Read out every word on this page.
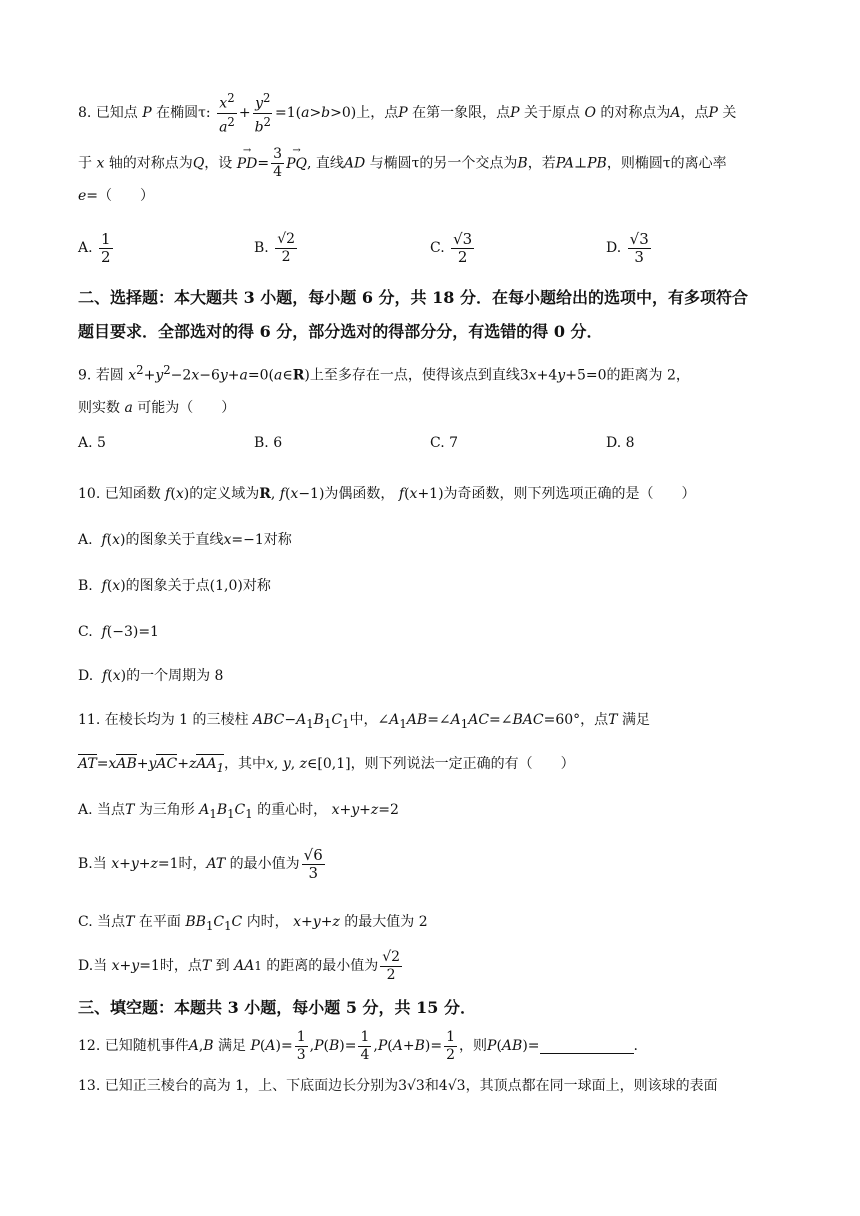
8. 已知点 P 在椭圆τ: $\frac{x^2}{a^2} + \frac{y^2}{b^2} =1(a>b>0)$上，点P 在第一象限，点P 关于原点 O 的对称点为A，点P 关
于 x 轴的对称点为Q，设 → $PD= \frac{3}{4}$ → PQ, 直线AD 与椭圆τ的另一个交点为B，若PA⊥PB，则椭圆τ的离心率
e=（　　）
A.
$\frac{1}{2}$	B.
$\frac{√2}{2}$	C.
$\frac{√3}{2}$	D.
$\frac{√3}{3}$
二、选择题：本大题共 3 小题，每小题 6 分，共 18 分．在每小题给出的选项中，有多项符合
题目要求．全部选对的得 6 分，部分选对的得部分分，有选错的得 0 分．
9. 若圆 $x^2+y^2-2x-6y+a=0(a\in R)$上至多存在一点，使得该点到直线3x+4y+5=0的距离为 2，
则实数 a 可能为（　　）
A. 5	B. 6	C. 7	D. 8
10. 已知函数 f(x)的定义域为R, f(x−1)为偶函数， f(x+1)为奇函数，则下列选项正确的是（　　）
A.  f(x)的图象关于直线x=−1对称
B.  f(x)的图象关于点(1,0)对称
C.  f(−3)=1
D.  f(x)的一个周期为 8
11. 在棱长均为 1 的三棱柱 $ABC-A_1B_1C_1$中，$\angle A_1AB=\angle A_1AC=\angle BAC=60^\circ$，点T 满足
AT=xAB+yAC+zAA$_1$，其中x, y, z∈[0,1]，则下列说法一定正确的有（　　）
A. 当点T 为三角形 $A_1B_1C_1$ 的重心时， x+y+z=2
B. 当
x + y + z =1 时， AT
的最小值为 $\frac{√6}{3}$
C. 当点T 在平面 $BB_1C_1C$ 内时， x+y+z 的最大值为 2
D. 当
x + y =1 时，点 T
到
AA 1
的距离的最小值为 $\frac{√2}{2}$
三、填空题：本题共 3 小题，每小题 5 分，共 15 分．
12.
已知随机事件 A , B
满足
P ( A )= $\frac{1}{3}$ , P ( B )= $\frac{1}{4}$ , P ( A + B )= $\frac{1}{2}$ ，则 P ( AB )=	.
13. 已知正三棱台的高为 1，上、下底面边长分别为3√3和4√3，其顶点都在同一球面上，则该球的表面
